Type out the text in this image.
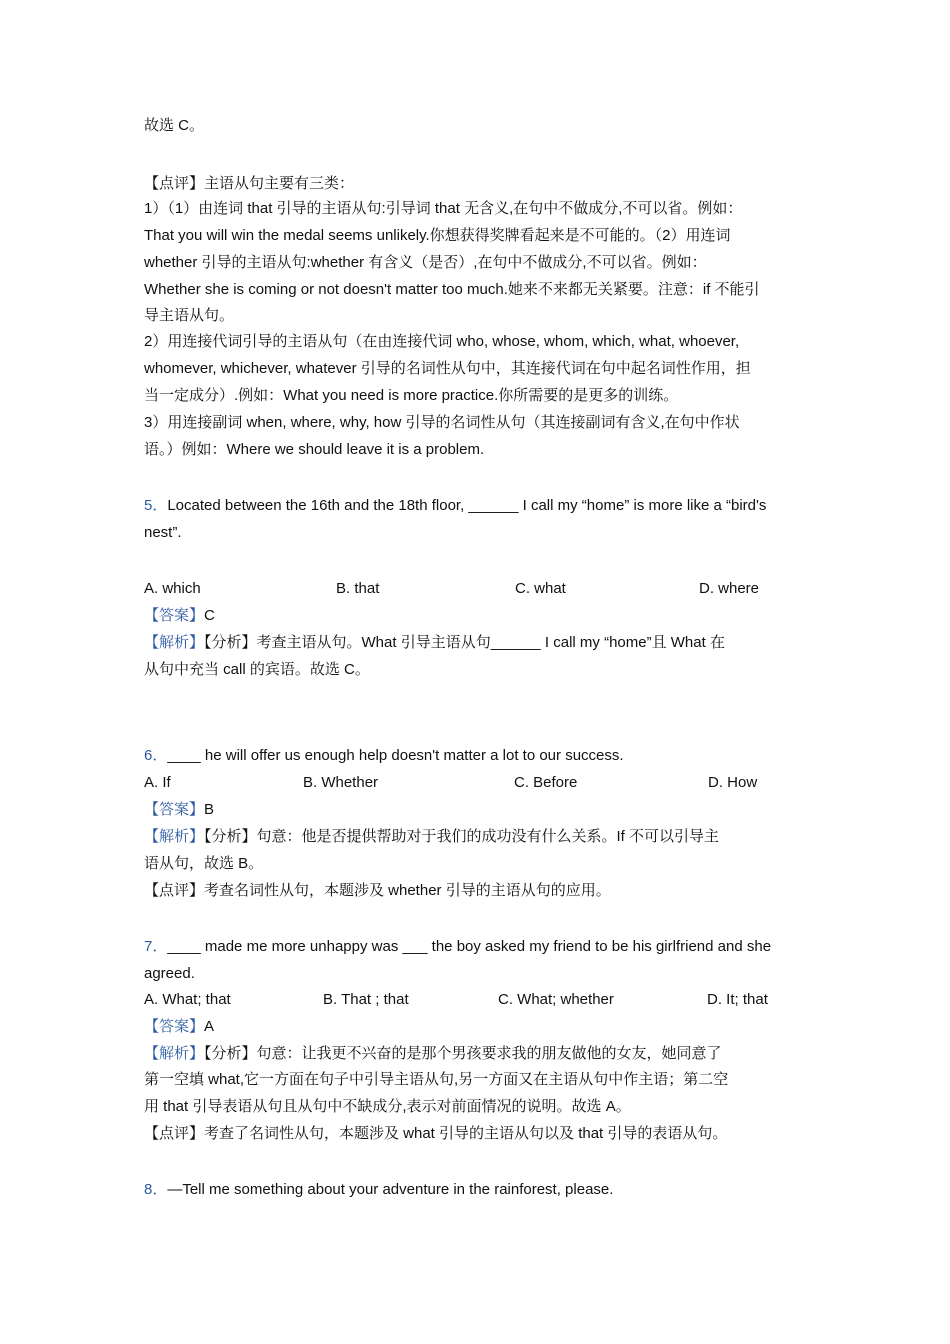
故选 C。
【点评】主语从句主要有三类：
1）（1）由连词 that 引导的主语从句:引导词 that 无含义,在句中不做成分,不可以省。例如：
That you will win the medal seems unlikely.你想获得奖牌看起来是不可能的。（2）用连词
whether 引导的主语从句:whether 有含义（是否）,在句中不做成分,不可以省。例如：
Whether she is coming or not doesn't matter too much.她来不来都无关紧要。注意：if 不能引
导主语从句。
2）用连接代词引导的主语从句（在由连接代词 who, whose, whom, which, what, whoever,
whomever, whichever, whatever 引导的名词性从句中，其连接代词在句中起名词性作用，担
当一定成分）.例如：What you need is more practice.你所需要的是更多的训练。
3）用连接副词 when, where, why, how 引导的名词性从句（其连接副词有含义,在句中作状
语。）例如：Where we should leave it is a problem.
5．Located between the 16th and the 18th floor, ______ I call my “home” is more like a “bird's
nest”.
A. which	B. that	C. what	D. where
【答案】C
【解析】【分析】考查主语从句。What 引导主语从句______ I call my “home”且 What 在
从句中充当 call 的宾语。故选 C。
6．____ he will offer us enough help doesn't matter a lot to our success.
A. If	B. Whether	C. Before	D. How
【答案】B
【解析】【分析】句意：他是否提供帮助对于我们的成功没有什么关系。If 不可以引导主
语从句，故选 B。
【点评】考查名词性从句，本题涉及 whether 引导的主语从句的应用。
7．____ made me more unhappy was ___ the boy asked my friend to be his girlfriend and she
agreed.
A. What; that	B. That ; that	C. What; whether	D. It; that
【答案】A
【解析】【分析】句意：让我更不兴奋的是那个男孩要求我的朋友做他的女友，她同意了
第一空填 what,它一方面在句子中引导主语从句,另一方面又在主语从句中作主语；第二空
用 that 引导表语从句且从句中不缺成分,表示对前面情况的说明。故选 A。
【点评】考查了名词性从句，本题涉及 what 引导的主语从句以及 that 引导的表语从句。
8．—Tell me something about your adventure in the rainforest, please.
